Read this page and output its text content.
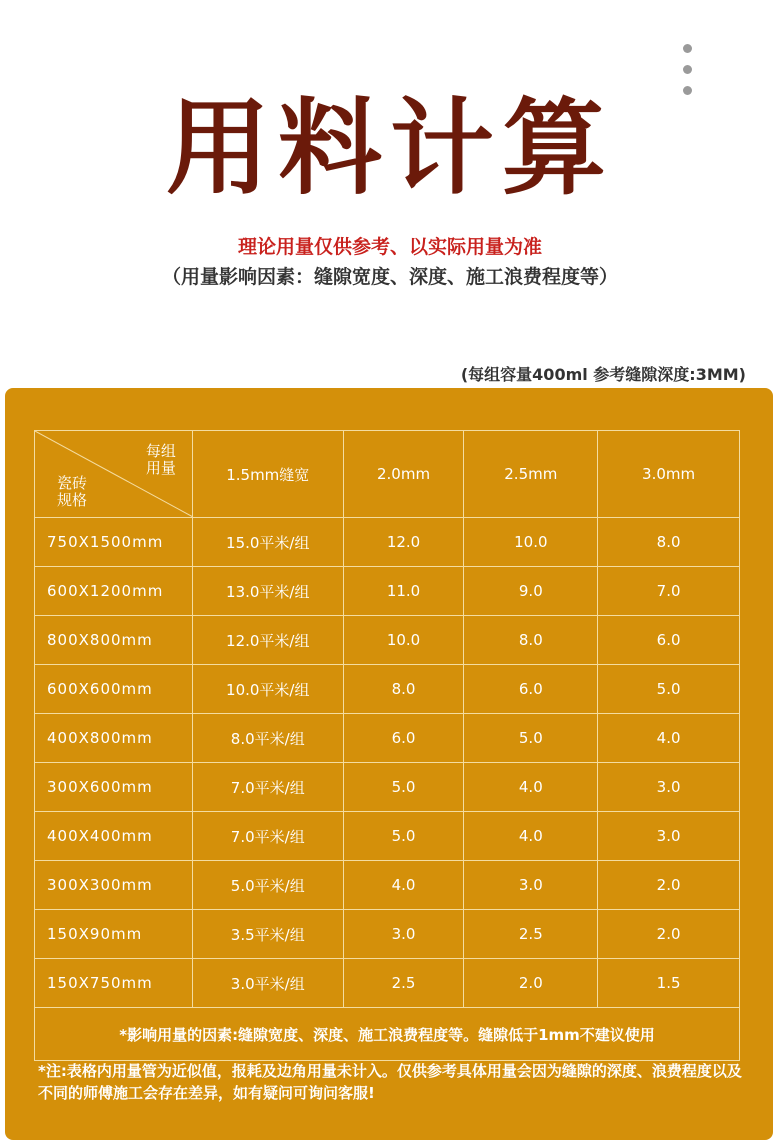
用料计算
理论用量仅供参考、以实际用量为准
（用量影响因素：缝隙宽度、深度、施工浪费程度等）
(每组容量400ml 参考缝隙深度:3MM)
每组
用量
瓷砖
规格	1.5mm缝宽	2.0mm	2.5mm	3.0mm
750X1500mm	15.0平米/组	12.0	10.0	8.0
600X1200mm	13.0平米/组	11.0	9.0	7.0
800X800mm	12.0平米/组	10.0	8.0	6.0
600X600mm	10.0平米/组	8.0	6.0	5.0
400X800mm	8.0平米/组	6.0	5.0	4.0
300X600mm	7.0平米/组	5.0	4.0	3.0
400X400mm	7.0平米/组	5.0	4.0	3.0
300X300mm	5.0平米/组	4.0	3.0	2.0
150X90mm	3.5平米/组	3.0	2.5	2.0
150X750mm	3.0平米/组	2.5	2.0	1.5
*影响用量的因素:缝隙宽度、深度、施工浪费程度等。缝隙低于1mm不建议使用				
*注:表格内用量管为近似值，报耗及边角用量未计入。仅供参考具体用量会因为缝隙的深度、浪费程度以及不同的师傅施工会存在差异，如有疑问可询问客服!
